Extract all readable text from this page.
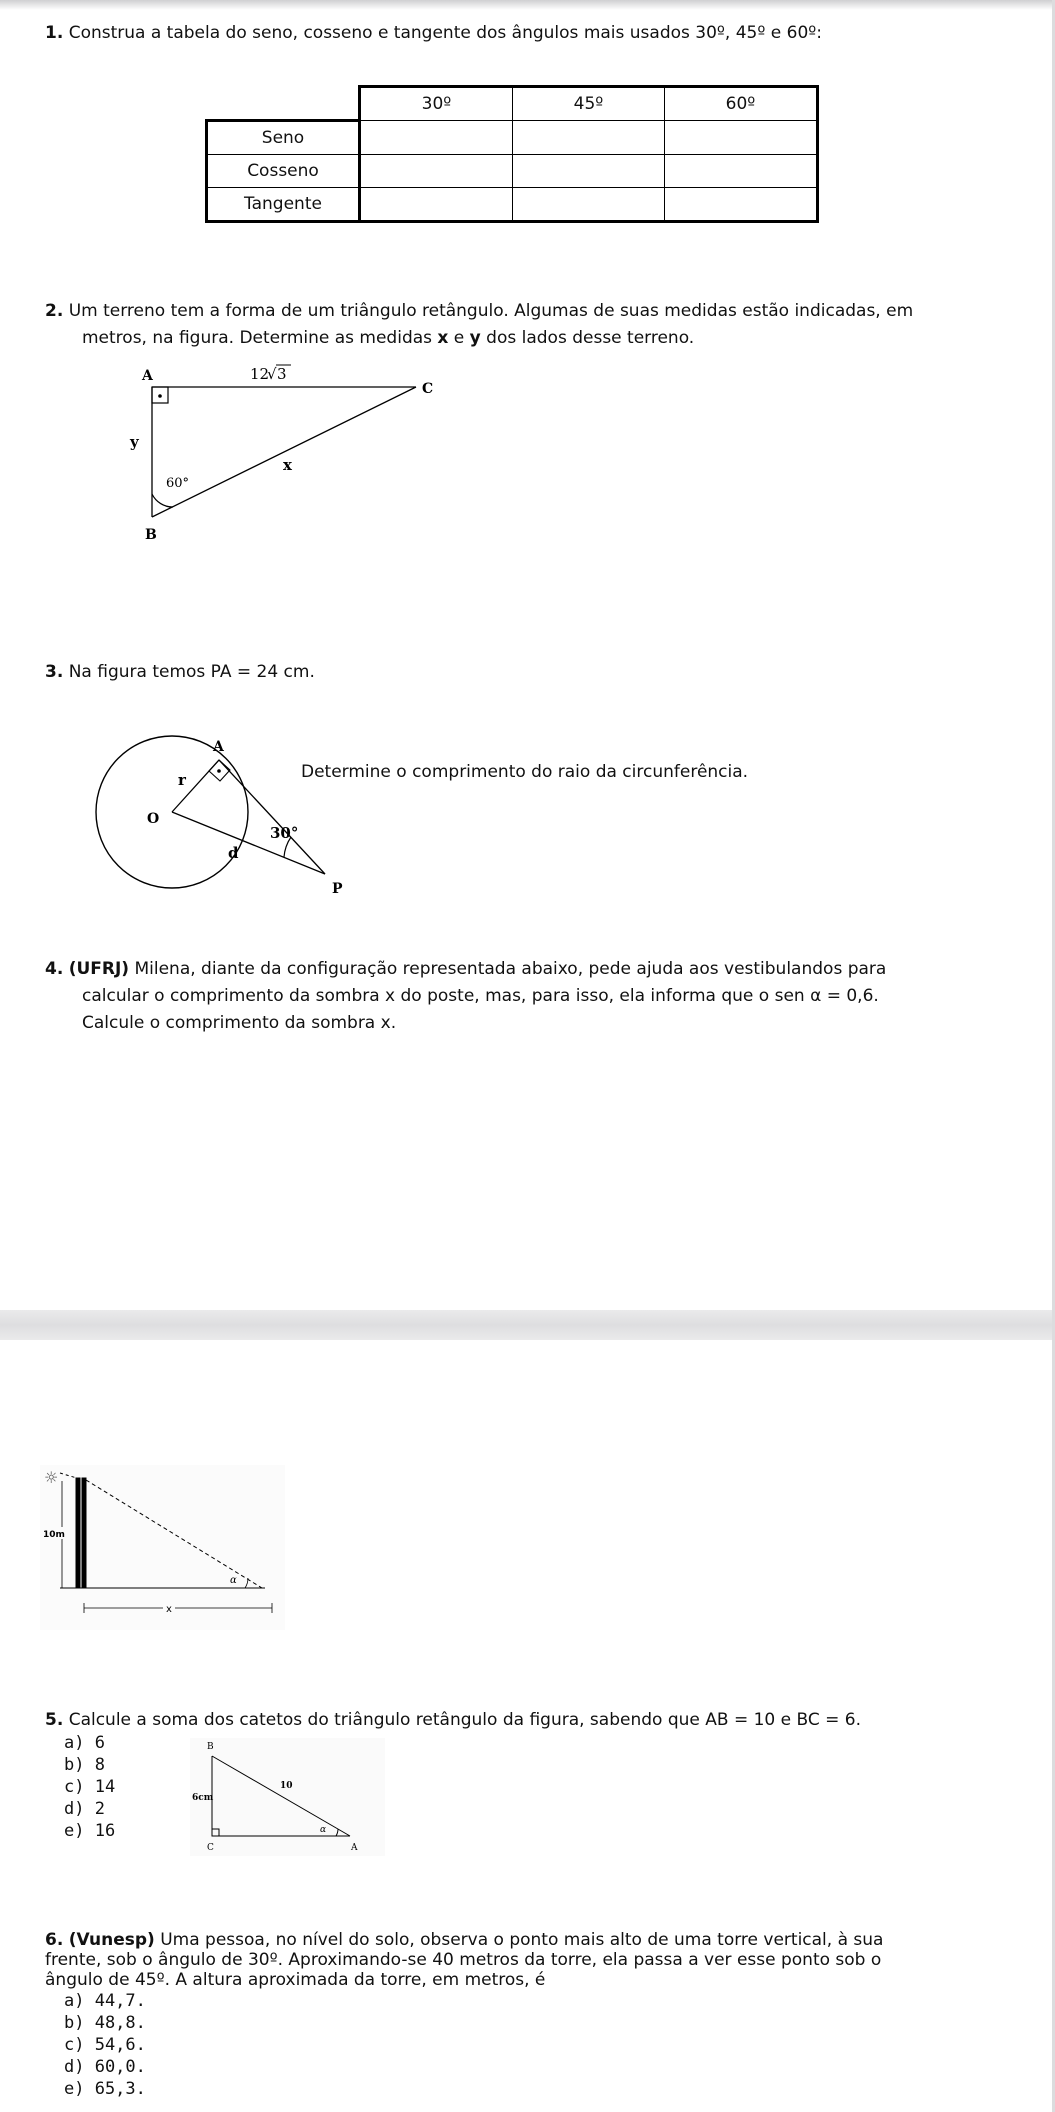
1. Construa a tabela do seno, cosseno e tangente dos ângulos mais usados 30º, 45º e 60º:
	30º	45º	60º
Seno			
Cosseno			
Tangente			
2. Um terreno tem a forma de um triângulo retângulo. Algumas de suas medidas estão indicadas, em
metros, na figura. Determine as medidas x e y dos lados desse terreno.
A
B
C
12
√ 3
y
x
60°
3. Na figura temos PA = 24 cm.
A
O
P
r
d
30°
Determine o comprimento do raio da circunferência.
4. (UFRJ) Milena, diante da configuração representada abaixo, pede ajuda aos vestibulandos para
calcular o comprimento da sombra x do poste, mas, para isso, ela informa que o sen α = 0,6.
Calcule o comprimento da sombra x.
☼
10m
α
x
5. Calcule a soma dos catetos do triângulo retângulo da figura, sabendo que AB = 10 e BC = 6.
a) 6
b) 8
c) 14
d) 2
e) 16
B
C	A
10
6cm
α
6. (Vunesp) Uma pessoa, no nível do solo, observa o ponto mais alto de uma torre vertical, à sua
frente, sob o ângulo de 30º. Aproximando-se 40 metros da torre, ela passa a ver esse ponto sob o
ângulo de 45º. A altura aproximada da torre, em metros, é
a) 44,7.
b) 48,8.
c) 54,6.
d) 60,0.
e) 65,3.
